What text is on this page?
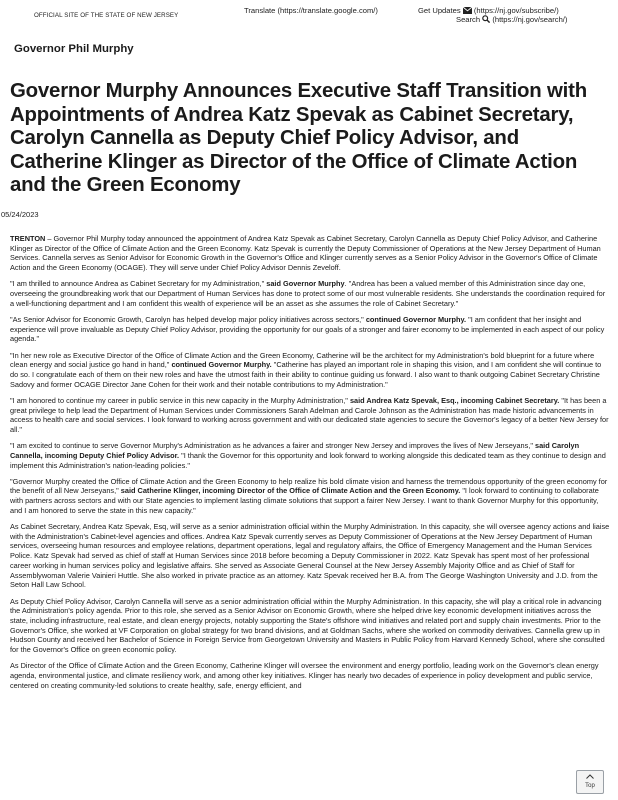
OFFICIAL SITE OF THE STATE OF NEW JERSEY
Translate (https://translate.google.com/)	Get Updates (https://nj.gov/subscribe/)
Search (https://nj.gov/search/)
Governor Phil Murphy
Governor Murphy Announces Executive Staff Transition with Appointments of Andrea Katz Spevak as Cabinet Secretary, Carolyn Cannella as Deputy Chief Policy Advisor, and Catherine Klinger as Director of the Office of Climate Action and the Green Economy
05/24/2023

TRENTON – Governor Phil Murphy today announced the appointment of Andrea Katz Spevak as Cabinet Secretary, Carolyn Cannella as Deputy Chief Policy Advisor, and Catherine Klinger as Director of the Office of Climate Action and the Green Economy. Katz Spevak is currently the Deputy Commissioner of Operations at the New Jersey Department of Human Services. Cannella serves as Senior Advisor for Economic Growth in the Governor's Office and Klinger currently serves as a Senior Policy Advisor in the Governor's Office of Climate Action and the Green Economy (OCAGE). They will serve under Chief Policy Advisor Dennis Zeveloff.

"I am thrilled to announce Andrea as Cabinet Secretary for my Administration," said Governor Murphy. "Andrea has been a valued member of this Administration since day one, overseeing the groundbreaking work that our Department of Human Services has done to protect some of our most vulnerable residents. She understands the coordination required for a well-functioning department and I am confident this wealth of experience will be an asset as she assumes the role of Cabinet Secretary."

"As Senior Advisor for Economic Growth, Carolyn has helped develop major policy initiatives across sectors," continued Governor Murphy. "I am confident that her insight and experience will prove invaluable as Deputy Chief Policy Advisor, providing the opportunity for our goals of a stronger and fairer economy to be implemented in each aspect of our policy agenda."

"In her new role as Executive Director of the Office of Climate Action and the Green Economy, Catherine will be the architect for my Administration's bold blueprint for a future where clean energy and social justice go hand in hand," continued Governor Murphy. "Catherine has played an important role in shaping this vision, and I am confident she will continue to do so. I congratulate each of them on their new roles and have the utmost faith in their ability to continue guiding us forward. I also want to thank outgoing Cabinet Secretary Christine Sadovy and former OCAGE Director Jane Cohen for their work and their notable contributions to my Administration."

"I am honored to continue my career in public service in this new capacity in the Murphy Administration," said Andrea Katz Spevak, Esq., incoming Cabinet Secretary. "It has been a great privilege to help lead the Department of Human Services under Commissioners Sarah Adelman and Carole Johnson as the Administration has made historic advancements in access to health care and social services. I look forward to working across government and with our dedicated state agencies to secure the Governor's legacy of a better New Jersey for all."

"I am excited to continue to serve Governor Murphy's Administration as he advances a fairer and stronger New Jersey and improves the lives of New Jerseyans," said Carolyn Cannella, incoming Deputy Chief Policy Advisor. "I thank the Governor for this opportunity and look forward to working alongside this dedicated team as they continue to design and implement this Administration's nation-leading policies."

"Governor Murphy created the Office of Climate Action and the Green Economy to help realize his bold climate vision and harness the tremendous opportunity of the green economy for the benefit of all New Jerseyans," said Catherine Klinger, incoming Director of the Office of Climate Action and the Green Economy. "I look forward to continuing to collaborate with partners across sectors and with our State agencies to implement lasting climate solutions that support a fairer New Jersey. I want to thank Governor Murphy for this opportunity, and I am honored to serve the state in this new capacity."

As Cabinet Secretary, Andrea Katz Spevak, Esq, will serve as a senior administration official within the Murphy Administration. In this capacity, she will oversee agency actions and liaise with the Administration's Cabinet-level agencies and offices. Andrea Katz Spevak currently serves as Deputy Commissioner of Operations at the New Jersey Department of Human services, overseeing human resources and employee relations, department operations, legal and regulatory affairs, the Office of Emergency Management and the Human Services Police. Katz Spevak had served as chief of staff at Human Services since 2018 before becoming a Deputy Commissioner in 2022. Katz Spevak has spent most of her professional career working in human services policy and legislative affairs. She served as Associate General Counsel at the New Jersey Assembly Majority Office and as Chief of Staff for Assemblywoman Valerie Vainieri Huttle. She also worked in private practice as an attorney. Katz Spevak received her B.A. from The George Washington University and J.D. from the Seton Hall Law School.

As Deputy Chief Policy Advisor, Carolyn Cannella will serve as a senior administration official within the Murphy Administration. In this capacity, she will play a critical role in advancing the Administration's policy agenda. Prior to this role, she served as a Senior Advisor on Economic Growth, where she helped drive key economic development initiatives across the state, including infrastructure, real estate, and clean energy projects, notably supporting the State's offshore wind initiatives and related port and supply chain investments. Prior to the Governor's Office, she worked at VF Corporation on global strategy for two brand divisions, and at Goldman Sachs, where she worked on commodity derivatives. Cannella grew up in Hudson County and received her Bachelor of Science in Foreign Service from Georgetown University and Masters in Public Policy from Harvard Kennedy School, where she consulted for the Governor's Office on green economic policy.

As Director of the Office of Climate Action and the Green Economy, Catherine Klinger will oversee the environment and energy portfolio, leading work on the Governor's clean energy agenda, environmental justice, and climate resiliency work, and among other key initiatives. Klinger has nearly two decades of experience in policy development and public service, centered on creating community-led solutions to create healthy, safe, energy efficient, and

Top
